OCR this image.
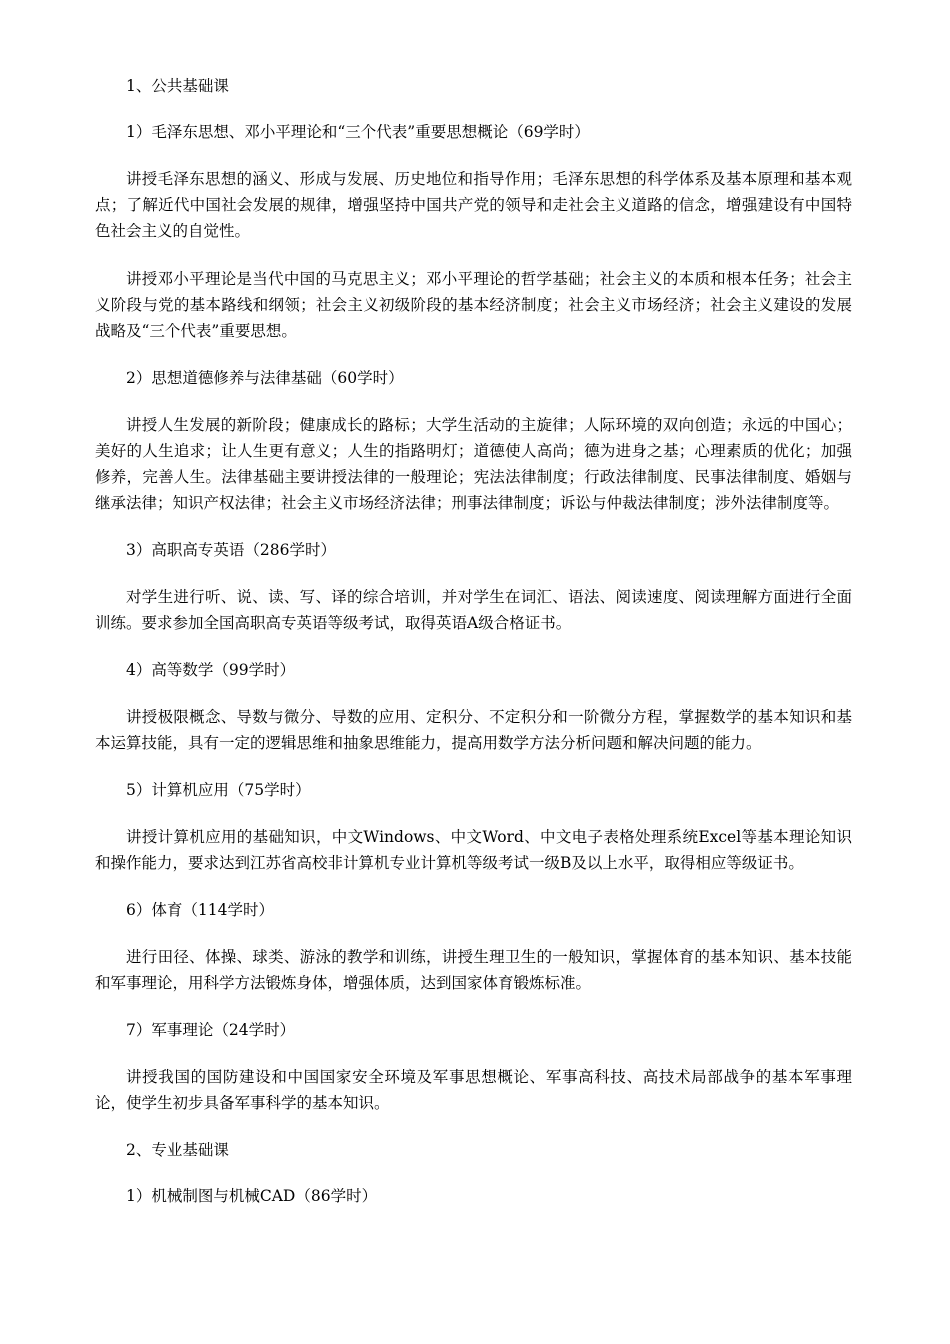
1、公共基础课

1）毛泽东思想、邓小平理论和“三个代表”重要思想概论（69学时）

讲授毛泽东思想的涵义、形成与发展、历史地位和指导作用；毛泽东思想的科学体系及基本原理和基本观点；了解近代中国社会发展的规律，增强坚持中国共产党的领导和走社会主义道路的信念，增强建设有中国特色社会主义的自觉性。

讲授邓小平理论是当代中国的马克思主义；邓小平理论的哲学基础；社会主义的本质和根本任务；社会主义阶段与党的基本路线和纲领；社会主义初级阶段的基本经济制度；社会主义市场经济；社会主义建设的发展战略及“三个代表”重要思想。

2）思想道德修养与法律基础（60学时）

讲授人生发展的新阶段；健康成长的路标；大学生活动的主旋律；人际环境的双向创造；永远的中国心；美好的人生追求；让人生更有意义；人生的指路明灯；道德使人高尚；德为进身之基；心理素质的优化；加强修养，完善人生。法律基础主要讲授法律的一般理论；宪法法律制度；行政法律制度、民事法律制度、婚姻与继承法律；知识产权法律；社会主义市场经济法律；刑事法律制度；诉讼与仲裁法律制度；涉外法律制度等。

3）高职高专英语（286学时）

对学生进行听、说、读、写、译的综合培训，并对学生在词汇、语法、阅读速度、阅读理解方面进行全面训练。要求参加全国高职高专英语等级考试，取得英语A级合格证书。

4）高等数学（99学时）

讲授极限概念、导数与微分、导数的应用、定积分、不定积分和一阶微分方程，掌握数学的基本知识和基本运算技能，具有一定的逻辑思维和抽象思维能力，提高用数学方法分析问题和解决问题的能力。

5）计算机应用（75学时）

讲授计算机应用的基础知识，中文Windows、中文Word、中文电子表格处理系统Excel等基本理论知识和操作能力，要求达到江苏省高校非计算机专业计算机等级考试一级B及以上水平，取得相应等级证书。

6）体育（114学时）

进行田径、体操、球类、游泳的教学和训练，讲授生理卫生的一般知识，掌握体育的基本知识、基本技能和军事理论，用科学方法锻炼身体，增强体质，达到国家体育锻炼标准。

7）军事理论（24学时）

讲授我国的国防建设和中国国家安全环境及军事思想概论、军事高科技、高技术局部战争的基本军事理论，使学生初步具备军事科学的基本知识。

2、专业基础课

1）机械制图与机械CAD（86学时）
